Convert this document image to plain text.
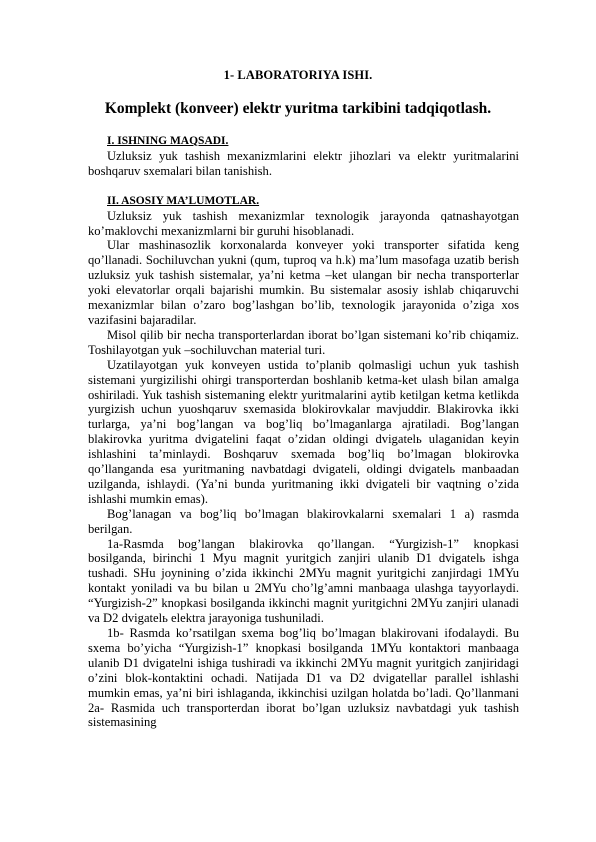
1- LABORATORIYA ISHI.
Komplekt (konveer) elektr yuritma tarkibini tadqiqotlash.

I. ISHNING MAQSADI.

Uzluksiz yuk tashish mexanizmlarini elektr jihozlari va elektr yuritmalarini boshqaruv sxemalari bilan tanishish.

II. ASOSIY MA’LUMOTLAR.

Uzluksiz yuk tashish mexanizmlar texnologik jarayonda qatnashayotgan ko’maklovchi mexanizmlarni bir guruhi hisoblanadi.

Ular mashinasozlik korxonalarda konveyer yoki transporter sifatida keng qo’llanadi. Sochiluvchan yukni (qum, tuproq va h.k) ma’lum masofaga uzatib berish uzluksiz yuk tashish sistemalar, ya’ni ketma –ket ulangan bir necha transporterlar yoki elevatorlar orqali bajarishi mumkin. Bu sistemalar asosiy ishlab chiqaruvchi mexanizmlar bilan o’zaro bog’lashgan bo’lib, texnologik jarayonida o’ziga xos vazifasini bajaradilar.

Misol qilib bir necha transporterlardan iborat bo’lgan sistemani ko’rib chiqamiz. Toshilayotgan yuk –sochiluvchan material turi.

Uzatilayotgan yuk konveyen ustida to’planib qolmasligi uchun yuk tashish sistemani yurgizilishi ohirgi transporterdan boshlanib ketma-ket ulash bilan amalga oshiriladi. Yuk tashish sistemaning elektr yuritmalarini aytib ketilgan ketma ketlikda yurgizish uchun yuoshqaruv sxemasida blokirovkalar mavjuddir. Blakirovka ikki turlarga, ya’ni bog’langan va bog’liq bo’lmaganlarga ajratiladi. Bog’langan blakirovka yuritma dvigatelini faqat o’zidan oldingi dvigatelь ulaganidan keyin ishlashini ta’minlaydi. Boshqaruv sxemada bog’liq bo’lmagan blokirovka qo’llanganda esa yuritmaning navbatdagi dvigateli, oldingi dvigatelь manbaadan uzilganda, ishlaydi. (Ya’ni bunda yuritmaning ikki dvigateli bir vaqtning o’zida ishlashi mumkin emas).

Bog’lanagan va bog’liq bo’lmagan blakirovkalarni sxemalari 1 a) rasmda berilgan.

1a-Rasmda bog’langan blakirovka qo’llangan. “Yurgizish-1” knopkasi bosilganda, birinchi 1 Myu magnit yuritgich zanjiri ulanib D1 dvigatelь ishga tushadi. SHu joynining o’zida ikkinchi 2MYu magnit yuritgichi zanjirdagi 1MYu kontakt yoniladi va bu bilan u 2MYu cho’lg’amni manbaaga ulashga tayyorlaydi. “Yurgizish-2” knopkasi bosilganda ikkinchi magnit yuritgichni 2MYu zanjiri ulanadi va D2 dvigatelь elektra jarayoniga tushuniladi.

1b- Rasmda ko’rsatilgan sxema bog’liq bo’lmagan blakirovani ifodalaydi. Bu sxema bo’yicha “Yurgizish-1” knopkasi bosilganda 1MYu kontaktori manbaaga ulanib D1 dvigatelni ishiga tushiradi va ikkinchi 2MYu magnit yuritgich zanjiridagi o’zini blok-kontaktini ochadi. Natijada D1 va D2 dvigatellar parallel ishlashi mumkin emas, ya’ni biri ishlaganda, ikkinchisi uzilgan holatda bo’ladi. Qo’llanmani 2a- Rasmida uch transporterdan iborat bo’lgan uzluksiz navbatdagi yuk tashish sistemasining
